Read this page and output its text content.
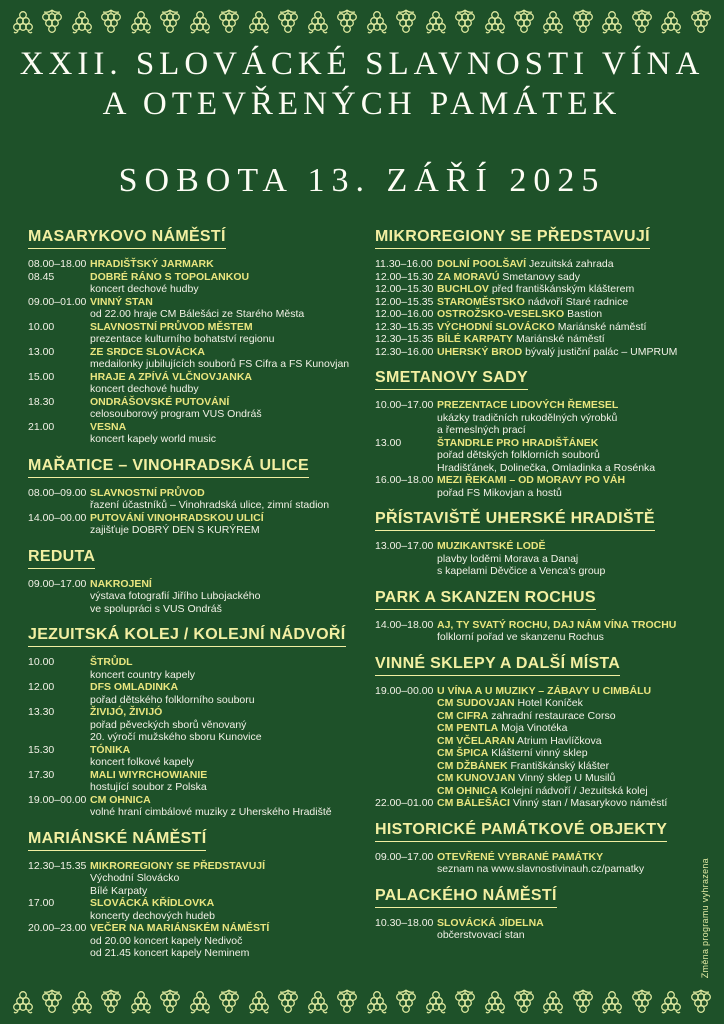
XXII. SLOVÁCKÉ SLAVNOSTI VÍNA
A OTEVŘENÝCH PAMÁTEK
SOBOTA 13. ZÁŘÍ 2025
MASARYKOVO NÁMĚSTÍ
08.00–18.00 HRADIŠŤSKÝ JARMARK
08.45	DOBRÉ RÁNO S TOPOLANKOU
koncert dechové hudby
09.00–01.00 VINNÝ STAN
od 22.00 hraje CM Bálešáci ze Starého Města
10.00	SLAVNOSTNÍ PRŮVOD MĚSTEM
prezentace kulturního bohatství regionu
13.00	ZE SRDCE SLOVÁCKA
medailonky jubilujících souborů FS Cifra a FS Kunovjan
15.00	HRAJE A ZPÍVÁ VLČNOVJANKA
koncert dechové hudby
18.30	ONDRÁŠOVSKÉ PUTOVÁNÍ
celosouborový program VUS Ondráš
21.00	VESNA
koncert kapely world music
MAŘATICE – VINOHRADSKÁ ULICE
08.00–09.00 SLAVNOSTNÍ PRŮVOD
řazení účastníků – Vinohradská ulice, zimní stadion
14.00–00.00 PUTOVÁNÍ VINOHRADSKOU ULICÍ
zajišťuje DOBRÝ DEN S KURÝREM
REDUTA
09.00–17.00 NAKROJENÍ
výstava fotografií Jiřího Lubojackého
ve spolupráci s VUS Ondráš
JEZUITSKÁ KOLEJ / KOLEJNÍ NÁDVOŘÍ
10.00	ŠTRŮDL
koncert country kapely
12.00	DFS OMLADINKA
pořad dětského folklorního souboru
13.30	ŽIVIJÓ, ŽIVIJÓ
pořad pěveckých sborů věnovaný
20. výročí mužského sboru Kunovice
15.30	TÓNIKA
koncert folkové kapely
17.30	MALI WIYRCHOWIANIE
hostující soubor z Polska
19.00–00.00 CM OHNICA
volné hraní cimbálové muziky z Uherského Hradiště
MARIÁNSKÉ NÁMĚSTÍ
12.30–15.35 MIKROREGIONY SE PŘEDSTAVUJÍ
Východní Slovácko
Bílé Karpaty
17.00	SLOVÁCKÁ KŘÍDLOVKA
koncerty dechových hudeb
20.00–23.00 VEČER NA MARIÁNSKÉM NÁMĚSTÍ
od 20.00 koncert kapely Nedivoč
od 21.45 koncert kapely Neminem
MIKROREGIONY SE PŘEDSTAVUJÍ
11.30–16.00 DOLNÍ POOLŠAVÍ Jezuitská zahrada
12.00–15.30 ZA MORAVÚ Smetanovy sady
12.00–15.30 BUCHLOV před františkánským klášterem
12.00–15.35 STAROMĚSTSKO nádvoří Staré radnice
12.00–16.00 OSTROŽSKO-VESELSKO Bastion
12.30–15.35 VÝCHODNÍ SLOVÁCKO Mariánské náměstí
12.30–15.35 BÍLÉ KARPATY Mariánské náměstí
12.30–16.00 UHERSKÝ BROD bývalý justiční palác – UMPRUM
SMETANOVY SADY
10.00–17.00 PREZENTACE LIDOVÝCH ŘEMESEL
ukázky tradičních rukodělných výrobků
a řemeslných prací
13.00	ŠTANDRLE PRO HRADIŠŤÁNEK
pořad dětských folklorních souborů
Hradišťánek, Dolinečka, Omladinka a Rosénka
16.00–18.00 MEZI ŘEKAMI – OD MORAVY PO VÁH
pořad FS Mikovjan a hostů
PŘÍSTAVIŠTĚ UHERSKÉ HRADIŠTĚ
13.00–17.00 MUZIKANTSKÉ LODĚ
plavby loděmi Morava a Danaj
s kapelami Děvčice a Venca's group
PARK A SKANZEN ROCHUS
14.00–18.00 AJ, TY SVATÝ ROCHU, DAJ NÁM VÍNA TROCHU
folklorní pořad ve skanzenu Rochus
VINNÉ SKLEPY A DALŠÍ MÍSTA
19.00–00.00 U VÍNA A U MUZIKY – ZÁBAVY U CIMBÁLU
CM SUDOVJAN Hotel Koníček
CM CIFRA zahradní restaurace Corso
CM PENTLA Moja Vinotéka
CM VČELARAN Atrium Havlíčkova
CM ŠPICA Klášterní vinný sklep
CM DŽBÁNEK Františkánský klášter
CM KUNOVJAN Vinný sklep U Musilů
CM OHNICA Kolejní nádvoří / Jezuitská kolej
22.00–01.00 CM BÁLEŠÁCI Vinný stan / Masarykovo náměstí
HISTORICKÉ PAMÁTKOVÉ OBJEKTY
09.00–17.00 OTEVŘENÉ VYBRANÉ PAMÁTKY
seznam na www.slavnostivinauh.cz/pamatky
PALACKÉHO NÁMĚSTÍ
10.30–18.00 SLOVÁCKÁ JÍDELNA
občerstvovací stan	Změna programu vyhrazena
